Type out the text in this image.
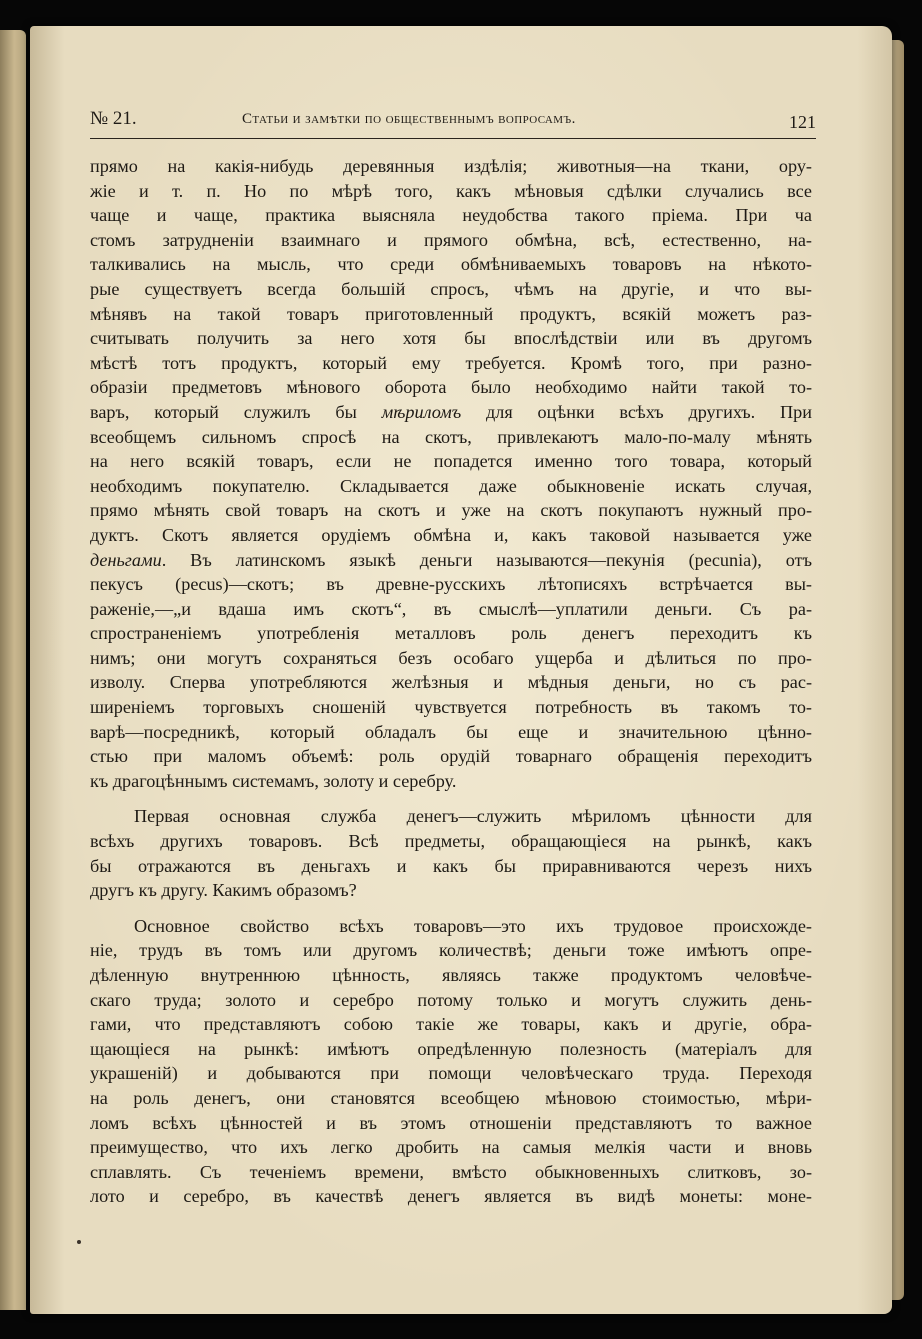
№ 21.	Статьи и замѣтки по общественнымъ вопросамъ.	121
прямо на какія-нибудь деревянныя издѣлія; животныя—на ткани, ору-
жіе и т. п. Но по мѣрѣ того, какъ мѣновыя сдѣлки случались все
чаще и чаще, практика выясняла неудобства такого пріема. При ча
стомъ затрудненіи взаимнаго и прямого обмѣна, всѣ, естественно, на-
талкивались на мысль, что среди обмѣниваемыхъ товаровъ на нѣкото-
рые существуетъ всегда большій спросъ, чѣмъ на другіе, и что вы-
мѣнявъ на такой товаръ приготовленный продуктъ, всякій можетъ раз-
считывать получить за него хотя бы впослѣдствіи или въ другомъ
мѣстѣ тотъ продуктъ, который ему требуется. Кромѣ того, при разно-
образіи предметовъ мѣнового оборота было необходимо найти такой то-
варъ, который служилъ бы мѣриломъ для оцѣнки всѣхъ другихъ. При
всеобщемъ сильномъ спросѣ на скотъ, привлекаютъ мало-по-малу мѣнять
на него всякій товаръ, если не попадется именно того товара, который
необходимъ покупателю. Складывается даже обыкновеніе искать случая,
прямо мѣнять свой товаръ на скотъ и уже на скотъ покупаютъ нужный про-
дуктъ. Скотъ является орудіемъ обмѣна и, какъ таковой называется уже
деньгами. Въ латинскомъ языкѣ деньги называются—пекунія (pecunia), отъ
пекусъ (pecus)—скотъ; въ древне-русскихъ лѣтописяхъ встрѣчается вы-
раженіе,—„и вдаша имъ скотъ“, въ смыслѣ—уплатили деньги. Съ ра-
спространеніемъ употребленія металловъ роль денегъ переходитъ къ
нимъ; они могутъ сохраняться безъ особаго ущерба и дѣлиться по про-
изволу. Сперва употребляются желѣзныя и мѣдныя деньги, но съ рас-
ширеніемъ торговыхъ сношеній чувствуется потребность въ такомъ то-
варѣ—посредникѣ, который обладалъ бы еще и значительною цѣнно-
стью при маломъ объемѣ: роль орудій товарнаго обращенія переходитъ
къ драгоцѣннымъ системамъ, золоту и серебру.
Первая основная служба денегъ—служить мѣриломъ цѣнности для
всѣхъ другихъ товаровъ. Всѣ предметы, обращающіеся на рынкѣ, какъ
бы отражаются въ деньгахъ и какъ бы приравниваются черезъ нихъ
другъ къ другу. Какимъ образомъ?
Основное свойство всѣхъ товаровъ—это ихъ трудовое происхожде-
ніе, трудъ въ томъ или другомъ количествѣ; деньги тоже имѣютъ опре-
дѣленную внутреннюю цѣнность, являясь также продуктомъ человѣче-
скаго труда; золото и серебро потому только и могутъ служить день-
гами, что представляютъ собою такіе же товары, какъ и другіе, обра-
щающіеся на рынкѣ: имѣютъ опредѣленную полезность (матеріалъ для
украшеній) и добываются при помощи человѣческаго труда. Переходя
на роль денегъ, они становятся всеобщею мѣновою стоимостью, мѣри-
ломъ всѣхъ цѣнностей и въ этомъ отношеніи представляютъ то важное
преимущество, что ихъ легко дробить на самыя мелкія части и вновь
сплавлять. Съ теченіемъ времени, вмѣсто обыкновенныхъ слитковъ, зо-
лото и серебро, въ качествѣ денегъ является въ видѣ монеты: моне-
